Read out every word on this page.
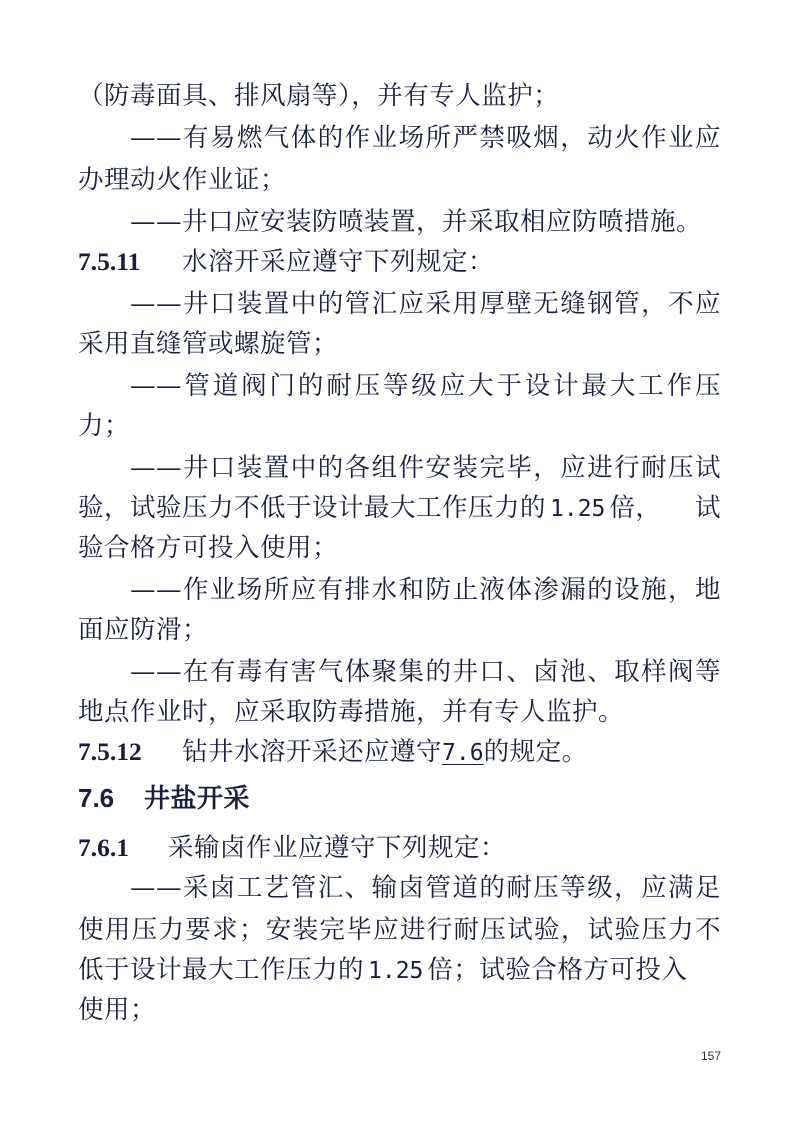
（防毒面具、排风扇等），并有专人监护；
——有易燃气体的作业场所严禁吸烟，动火作业应
办理动火作业证；
——井口应安装防喷装置，并采取相应防喷措施。
7.5.11 水溶开采应遵守下列规定：
——井口装置中的管汇应采用厚壁无缝钢管，不应
采用直缝管或螺旋管；
——管道阀门的耐压等级应大于设计最大工作压
力；
——井口装置中的各组件安装完毕，应进行耐压试
验，试验压力不低于设计最大工作压力的 1.25 倍， 试
验合格方可投入使用；
——作业场所应有排水和防止液体渗漏的设施，地
面应防滑；
——在有毒有害气体聚集的井口、卤池、取样阀等
地点作业时，应采取防毒措施，并有专人监护。
7.5.12 钻井水溶开采还应遵守7.6的规定。
7.6 井盐开采
7.6.1 采输卤作业应遵守下列规定：
——采卤工艺管汇、输卤管道的耐压等级，应满足
使用压力要求；安装完毕应进行耐压试验，试验压力不
低于设计最大工作压力的 1.25 倍；试验合格方可投入
使用；
157
